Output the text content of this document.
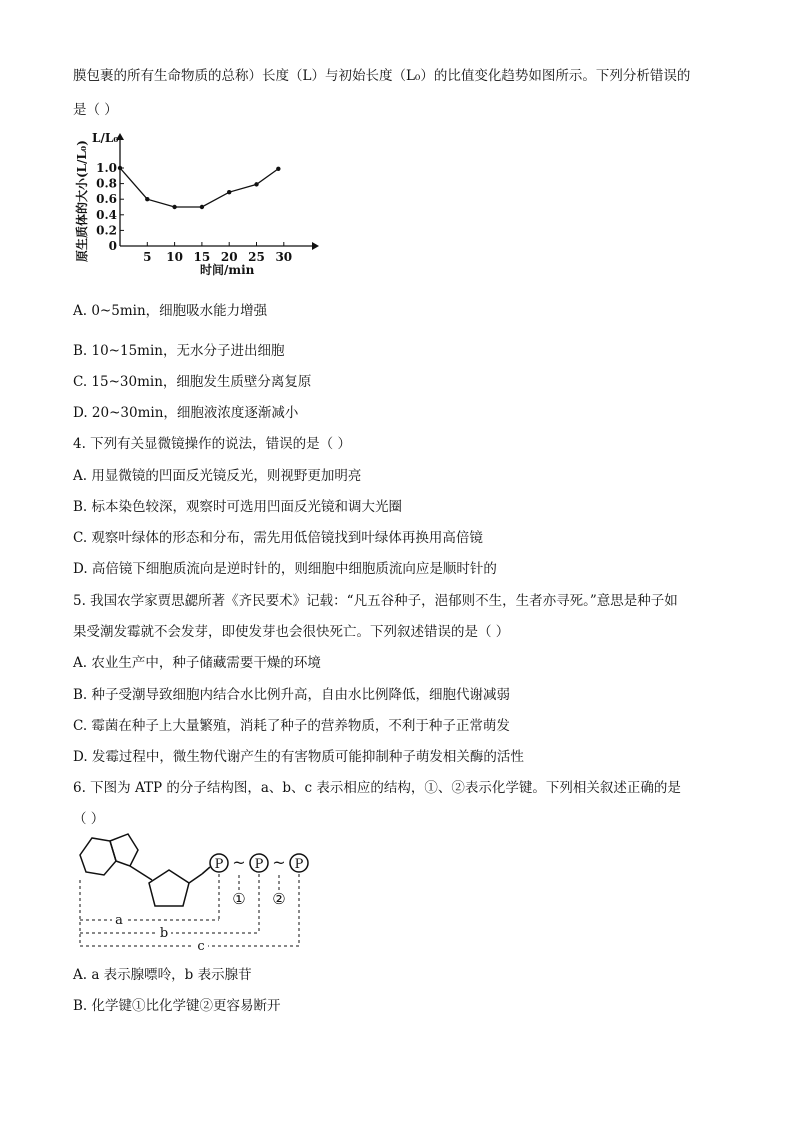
膜包裹的所有生命物质的总称）长度（L）与初始长度（L₀）的比值变化趋势如图所示。下列分析错误的
是（ ）
原生质体的大小(L/L₀)
L/L₀
0
0.2
0.4
0.6
0.8
1.0
5 10 15 20 25 30
时间/min
A. 0~5min，细胞吸水能力增强
B. 10~15min，无水分子进出细胞
C. 15~30min，细胞发生质壁分离复原
D. 20~30min，细胞液浓度逐渐减小
4. 下列有关显微镜操作的说法，错误的是（ ）
A. 用显微镜的凹面反光镜反光，则视野更加明亮
B. 标本染色较深，观察时可选用凹面反光镜和调大光圈
C. 观察叶绿体的形态和分布，需先用低倍镜找到叶绿体再换用高倍镜
D. 高倍镜下细胞质流向是逆时针的，则细胞中细胞质流向应是顺时针的
5. 我国农学家贾思勰所著《齐民要术》记载：“凡五谷种子，浥郁则不生，生者亦寻死。”意思是种子如
果受潮发霉就不会发芽，即使发芽也会很快死亡。下列叙述错误的是（ ）
A. 农业生产中，种子储藏需要干燥的环境
B. 种子受潮导致细胞内结合水比例升高，自由水比例降低，细胞代谢减弱
C. 霉菌在种子上大量繁殖，消耗了种子的营养物质，不利于种子正常萌发
D. 发霉过程中，微生物代谢产生的有害物质可能抑制种子萌发相关酶的活性
6. 下图为 ATP 的分子结构图，a、b、c 表示相应的结构，①、②表示化学键。下列相关叙述正确的是
（ ）
P P P
~ ~
① ②
a
b
c
A. a 表示腺嘌呤，b 表示腺苷
B. 化学键①比化学键②更容易断开
